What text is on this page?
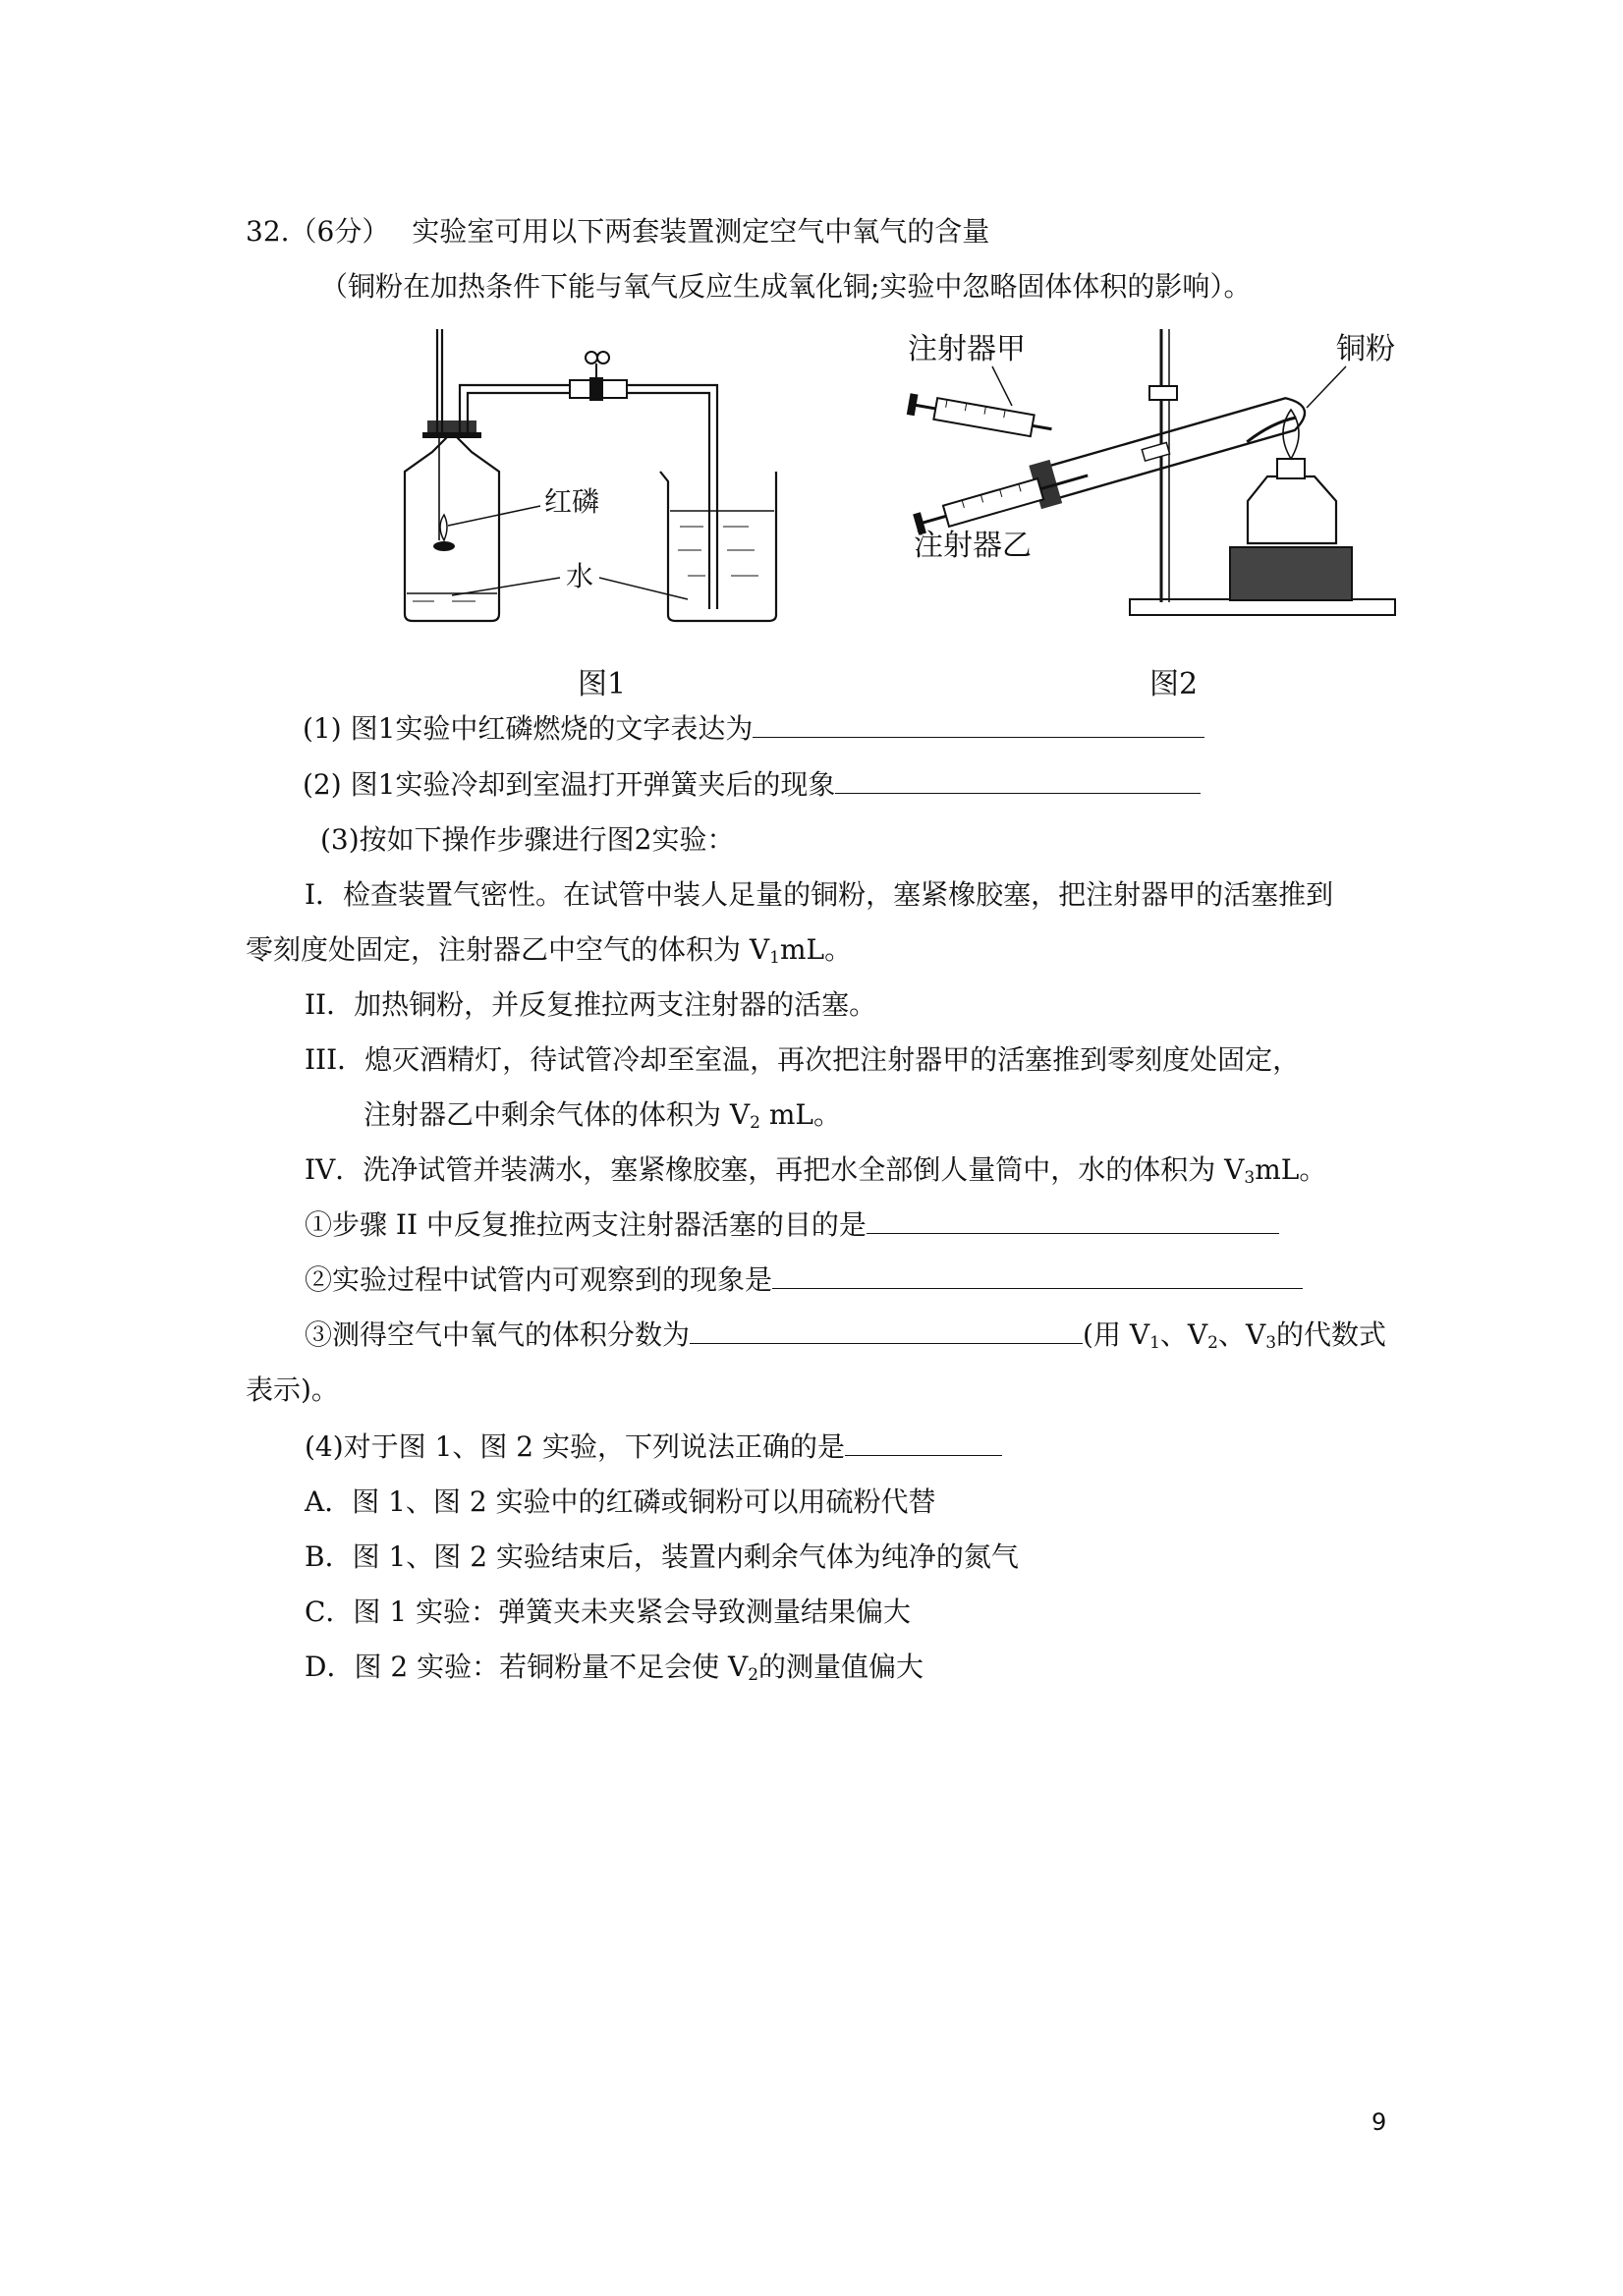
32.（6分） 实验室可用以下两套装置测定空气中氧气的含量
（铜粉在加热条件下能与氧气反应生成氧化铜;实验中忽略固体体积的影响）。
红磷
水
注射器甲
注射器乙
铜粉
图1	图2
(1) 图1实验中红磷燃烧的文字表达为
(2) 图1实验冷却到室温打开弹簧夹后的现象
(3)按如下操作步骤进行图2实验：
I．检查装置气密性。在试管中装人足量的铜粉，塞紧橡胶塞，把注射器甲的活塞推到
零刻度处固定，注射器乙中空气的体积为 $V_1mL$。
II．加热铜粉，并反复推拉两支注射器的活塞。
III．熄灭酒精灯，待试管冷却至室温，再次把注射器甲的活塞推到零刻度处固定，
注射器乙中剩余气体的体积为 $V_2$ mL。
IV．洗净试管并装满水，塞紧橡胶塞，再把水全部倒人量筒中，水的体积为 $V_3mL$。
①步骤 II 中反复推拉两支注射器活塞的目的是
②实验过程中试管内可观察到的现象是
③测得空气中氧气的体积分数为	(用 $V_1$、$V_2$、$V_3$的代数式
表示)。
(4)对于图 1、图 2 实验，下列说法正确的是
A．图 1、图 2 实验中的红磷或铜粉可以用硫粉代替
B．图 1、图 2 实验结束后，装置内剩余气体为纯净的氮气
C．图 1 实验：弹簧夹未夹紧会导致测量结果偏大
D．图 2 实验：若铜粉量不足会使 $V_2$的测量值偏大
9
